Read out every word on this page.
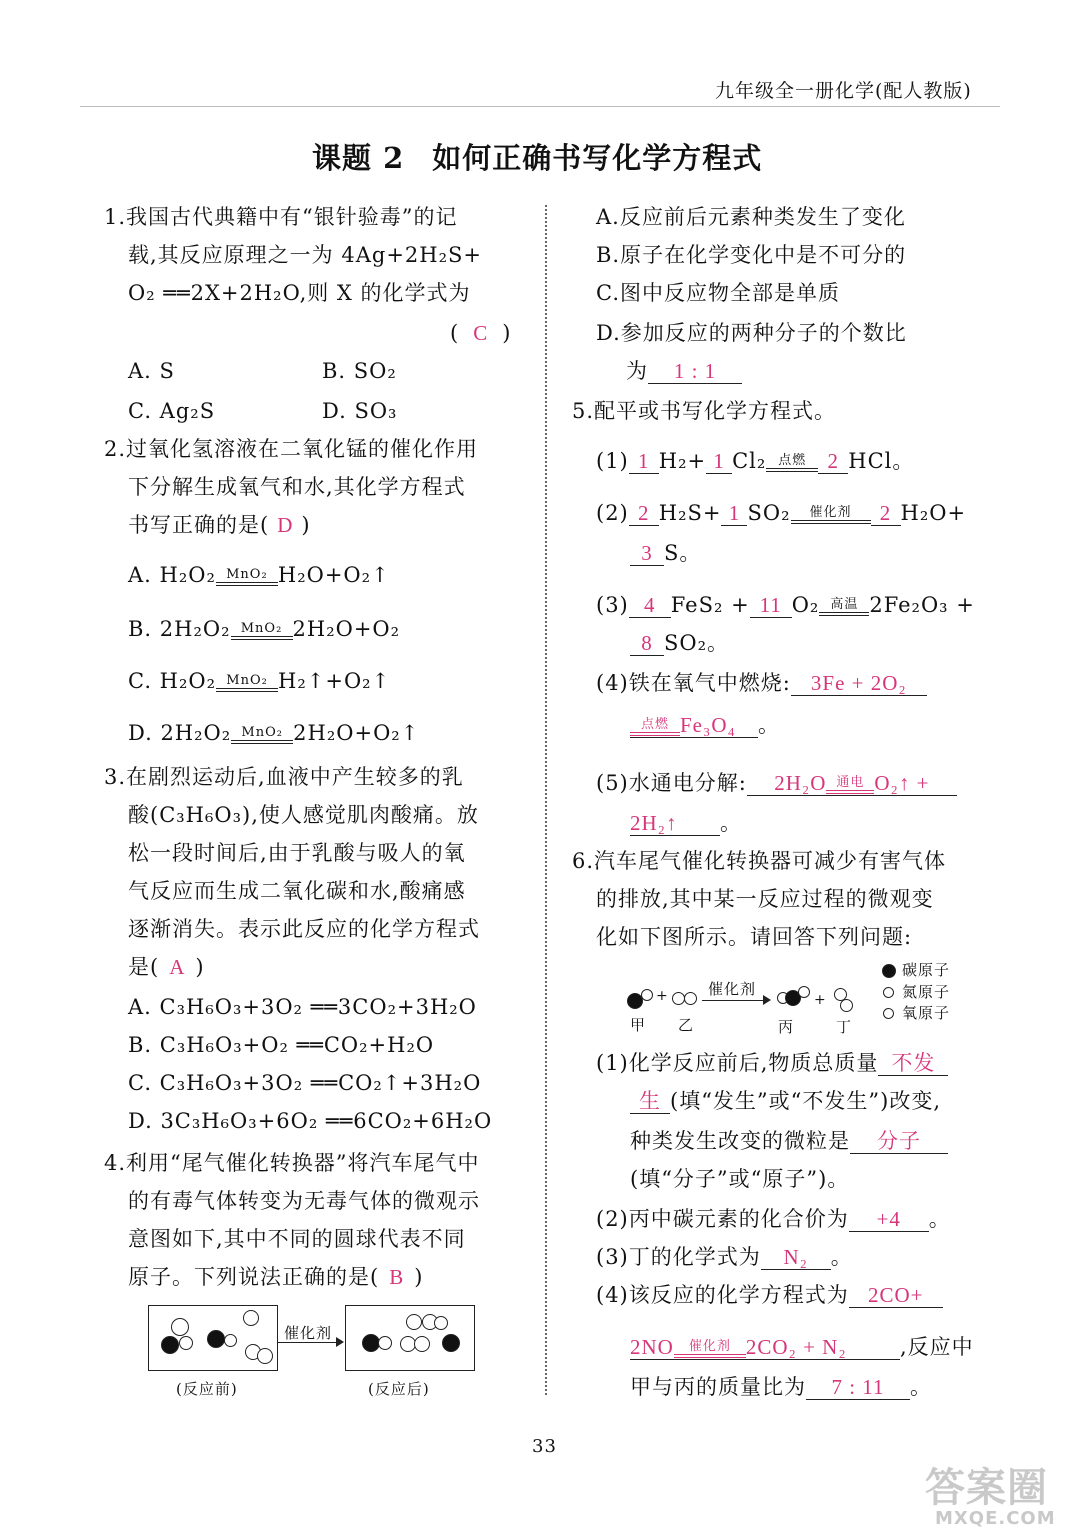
九年级全一册化学(配人教版)
课题 2 如何正确书写化学方程式
1.我国古代典籍中有“银针验毒”的记
载,其反应原理之一为 4Ag+2H₂S+
O₂ ══2X+2H₂O,则 X 的化学式为
( C )
A. S	B. SO₂
C. Ag₂S	D. SO₃
2.过氧化氢溶液在二氧化锰的催化作用
下分解生成氧气和水,其化学方程式
书写正确的是( D )
A. H₂O₂ MnO₂ H₂O+O₂↑
B. 2H₂O₂ MnO₂ 2H₂O+O₂
C. H₂O₂ MnO₂ H₂↑+O₂↑
D. 2H₂O₂ MnO₂ 2H₂O+O₂↑
3.在剧烈运动后,血液中产生较多的乳
酸(C₃H₆O₃),使人感觉肌肉酸痛。放
松一段时间后,由于乳酸与吸人的氧
气反应而生成二氧化碳和水,酸痛感
逐渐消失。表示此反应的化学方程式
是( A )
A. C₃H₆O₃+3O₂ ══3CO₂+3H₂O
B. C₃H₆O₃+O₂ ══CO₂+H₂O
C. C₃H₆O₃+3O₂ ══CO₂↑+3H₂O
D. 3C₃H₆O₃+6O₂ ══6CO₂+6H₂O
4.利用“尾气催化转换器”将汽车尾气中
的有毒气体转变为无毒气体的微观示
意图如下,其中不同的圆球代表不同
原子。下列说法正确的是( B )
催化剂
(反应前)	(反应后)
A.反应前后元素种类发生了变化
B.原子在化学变化中是不可分的
C.图中反应物全部是单质
D.参加反应的两种分子的个数比
为 1 : 1
5.配平或书写化学方程式。
(1) 1 H₂+ 1 Cl₂ 点燃	2 HCl。
(2) 2 H₂S+ 1 SO₂	催化剂	2 H₂O+
3 S。
(3) 4 FeS₂ + 11 O₂ 高温 2Fe₂O₃ +
8 SO₂。
(4)铁在氧气中燃烧: 3Fe + 2O₂
点燃 Fe₃O₄ 。
(5)水通电分解: 2H₂O 通电 O₂↑ +
2H₂↑ 。
6.汽车尾气催化转换器可减少有害气体
的排放,其中某一反应过程的微观变
化如下图所示。请回答下列问题:
+	催化剂
+
甲 乙	丙	丁
碳原子
氮原子
氧原子
(1)化学反应前后,物质总质量 不发
生 (填“发生”或“不发生”)改变,
种类发生改变的微粒是 分子
(填“分子”或“原子”)。
(2)丙中碳元素的化合价为 +4 。
(3)丁的化学式为 N₂ 。
(4)该反应的化学方程式为 2CO+
2NO	催化剂 2CO₂ + N₂	,反应中
甲与丙的质量比为 7 : 11 。
33
答案圈
MXQE.COM
